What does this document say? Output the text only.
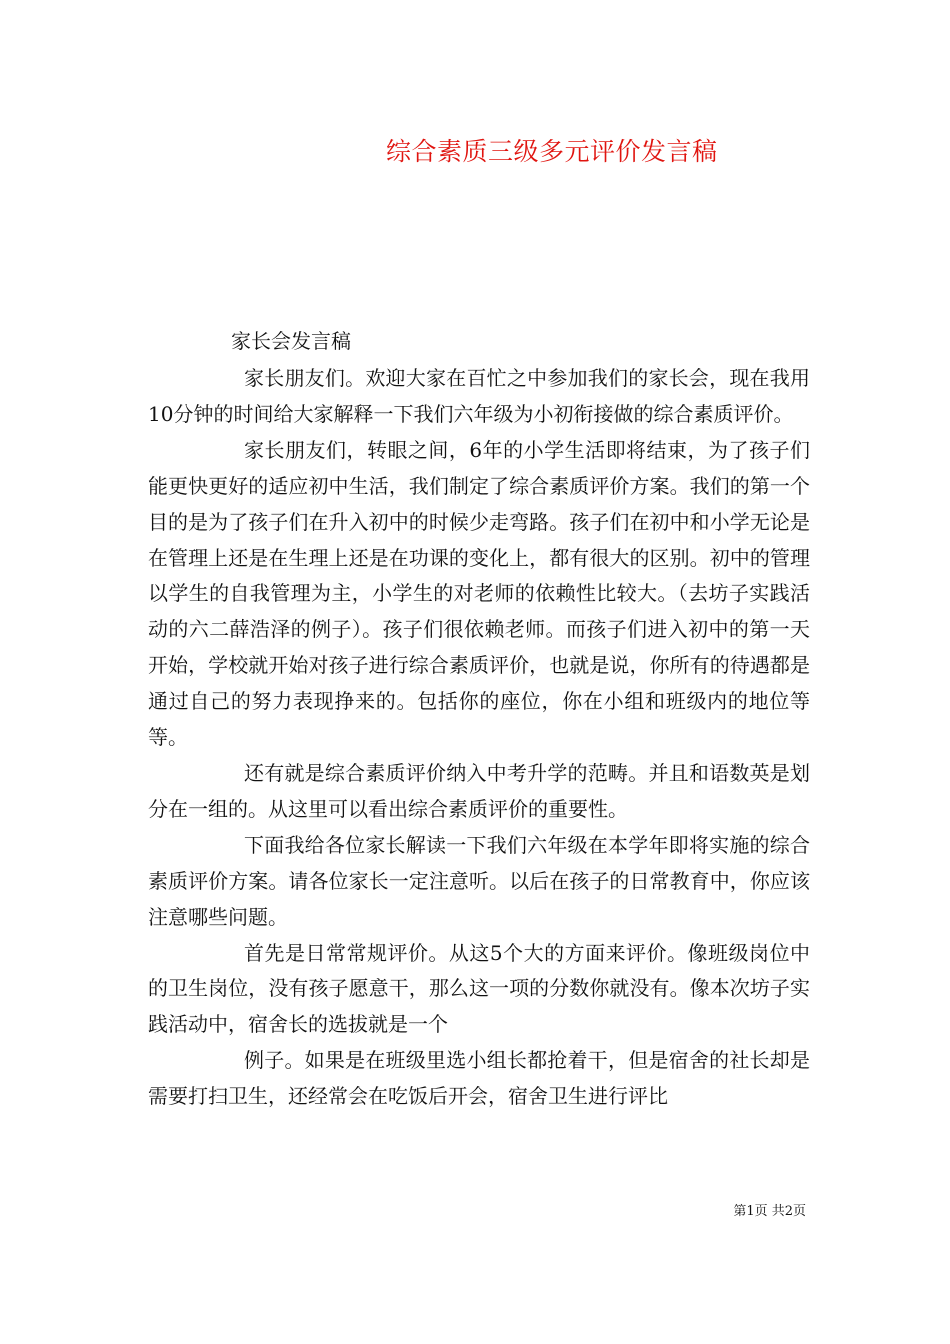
综合素质三级多元评价发言稿
家长会发言稿

家长朋友们。欢迎大家在百忙之中参加我们的家长会，现在我用10分钟的时间给大家解释一下我们六年级为小初衔接做的综合素质评价。

家长朋友们，转眼之间，6年的小学生活即将结束，为了孩子们能更快更好的适应初中生活，我们制定了综合素质评价方案。我们的第一个目的是为了孩子们在升入初中的时候少走弯路。孩子们在初中和小学无论是在管理上还是在生理上还是在功课的变化上，都有很大的区别。初中的管理以学生的自我管理为主，小学生的对老师的依赖性比较大。（去坊子实践活动的六二薛浩泽的例子）。孩子们很依赖老师。而孩子们进入初中的第一天开始，学校就开始对孩子进行综合素质评价，也就是说，你所有的待遇都是通过自己的努力表现挣来的。包括你的座位，你在小组和班级内的地位等等。

还有就是综合素质评价纳入中考升学的范畴。并且和语数英是划分在一组的。从这里可以看出综合素质评价的重要性。

下面我给各位家长解读一下我们六年级在本学年即将实施的综合素质评价方案。请各位家长一定注意听。以后在孩子的日常教育中，你应该注意哪些问题。

首先是日常常规评价。从这5个大的方面来评价。像班级岗位中的卫生岗位，没有孩子愿意干，那么这一项的分数你就没有。像本次坊子实践活动中，宿舍长的选拔就是一个

例子。如果是在班级里选小组长都抢着干，但是宿舍的社长却是需要打扫卫生，还经常会在吃饭后开会，宿舍卫生进行评比

第1页 共2页
